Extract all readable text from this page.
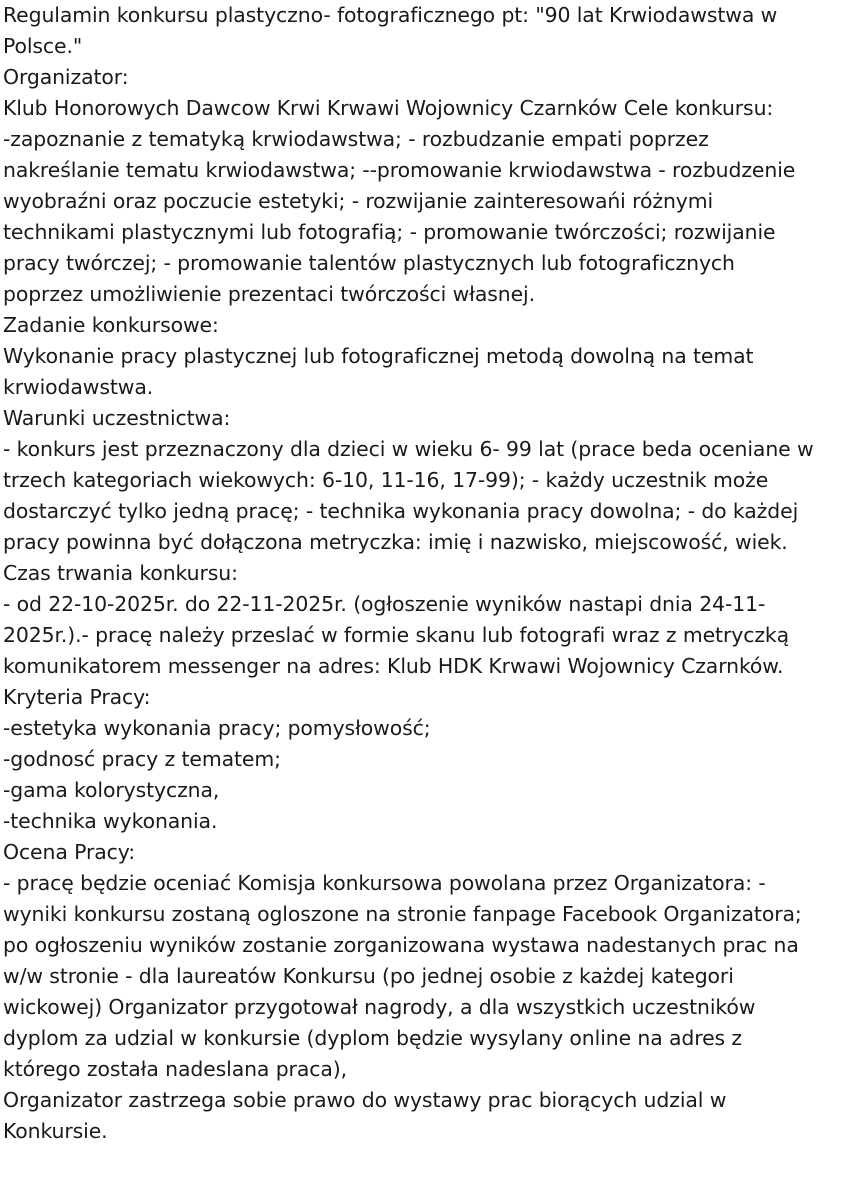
Regulamin konkursu plastyczno- fotograficznego pt: "90 lat Krwiodawstwa w
Polsce."
Organizator:
Klub Honorowych Dawcow Krwi Krwawi Wojownicy Czarnków Cele konkursu:
-zapoznanie z tematyką krwiodawstwa; - rozbudzanie empati poprzez
nakreślanie tematu krwiodawstwa; --promowanie krwiodawstwa - rozbudzenie
wyobraźni oraz poczucie estetyki; - rozwijanie zainteresowańi różnymi
technikami plastycznymi lub fotografią; - promowanie twórczości; rozwijanie
pracy twórczej; - promowanie talentów plastycznych lub fotograficznych
poprzez umożliwienie prezentaci twórczości własnej.
Zadanie konkursowe:
Wykonanie pracy plastycznej lub fotograficznej metodą dowolną na temat
krwiodawstwa.
Warunki uczestnictwa:
- konkurs jest przeznaczony dla dzieci w wieku 6- 99 lat (prace beda oceniane w
trzech kategoriach wiekowych: 6-10, 11-16, 17-99); - każdy uczestnik może
dostarczyć tylko jedną pracę; - technika wykonania pracy dowolna; - do każdej
pracy powinna być dołączona metryczka: imię i nazwisko, miejscowość, wiek.
Czas trwania konkursu:
- od 22-10-2025r. do 22-11-2025r. (ogłoszenie wyników nastapi dnia 24-11-
2025r.).- pracę należy przeslać w formie skanu lub fotografi wraz z metryczką
komunikatorem messenger na adres: Klub HDK Krwawi Wojownicy Czarnków.
Kryteria Pracy:
-estetyka wykonania pracy; pomysłowość;
-godnosć pracy z tematem;
-gama kolorystyczna,
-technika wykonania.
Ocena Pracy:
- pracę będzie oceniać Komisja konkursowa powolana przez Organizatora: -
wyniki konkursu zostaną ogloszone na stronie fanpage Facebook Organizatora;
po ogłoszeniu wyników zostanie zorganizowana wystawa nadestanych prac na
w/w stronie - dla laureatów Konkursu (po jednej osobie z każdej kategori
wickowej) Organizator przygotował nagrody, a dla wszystkich uczestników
dyplom za udzial w konkursie (dyplom będzie wysylany online na adres z
którego została nadeslana praca),
Organizator zastrzega sobie prawo do wystawy prac biorących udzial w
Konkursie.
